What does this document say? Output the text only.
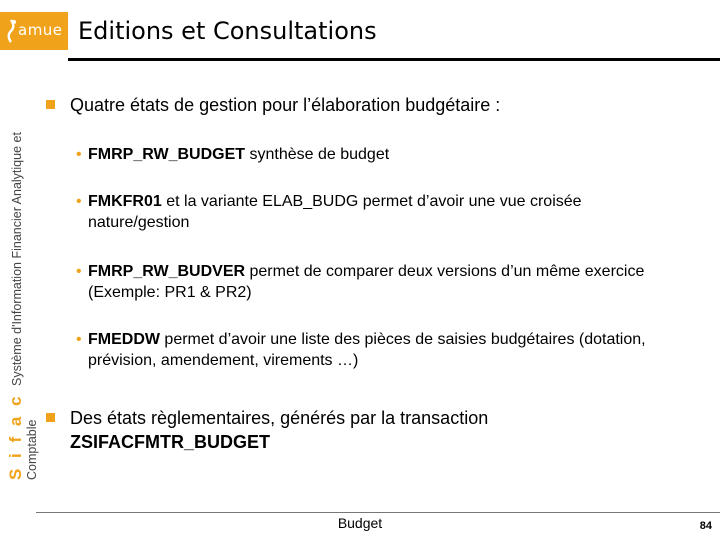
amue Editions et Consultations
S i f a c Système d'Information Financier Analytique et
Comptable
Quatre états de gestion pour l’élaboration budgétaire :
• FMRP_RW_BUDGET synthèse de budget
• FMKFR01 et la variante ELAB_BUDG permet d’avoir une vue croisée nature/gestion
• FMRP_RW_BUDVER permet de comparer deux versions d’un même exercice (Exemple: PR1 & PR2)
• FMEDDW permet d’avoir une liste des pièces de saisies budgétaires (dotation, prévision, amendement, virements …)
Des états règlementaires, générés par la transaction
ZSIFACFMTR_BUDGET
Budget	84
